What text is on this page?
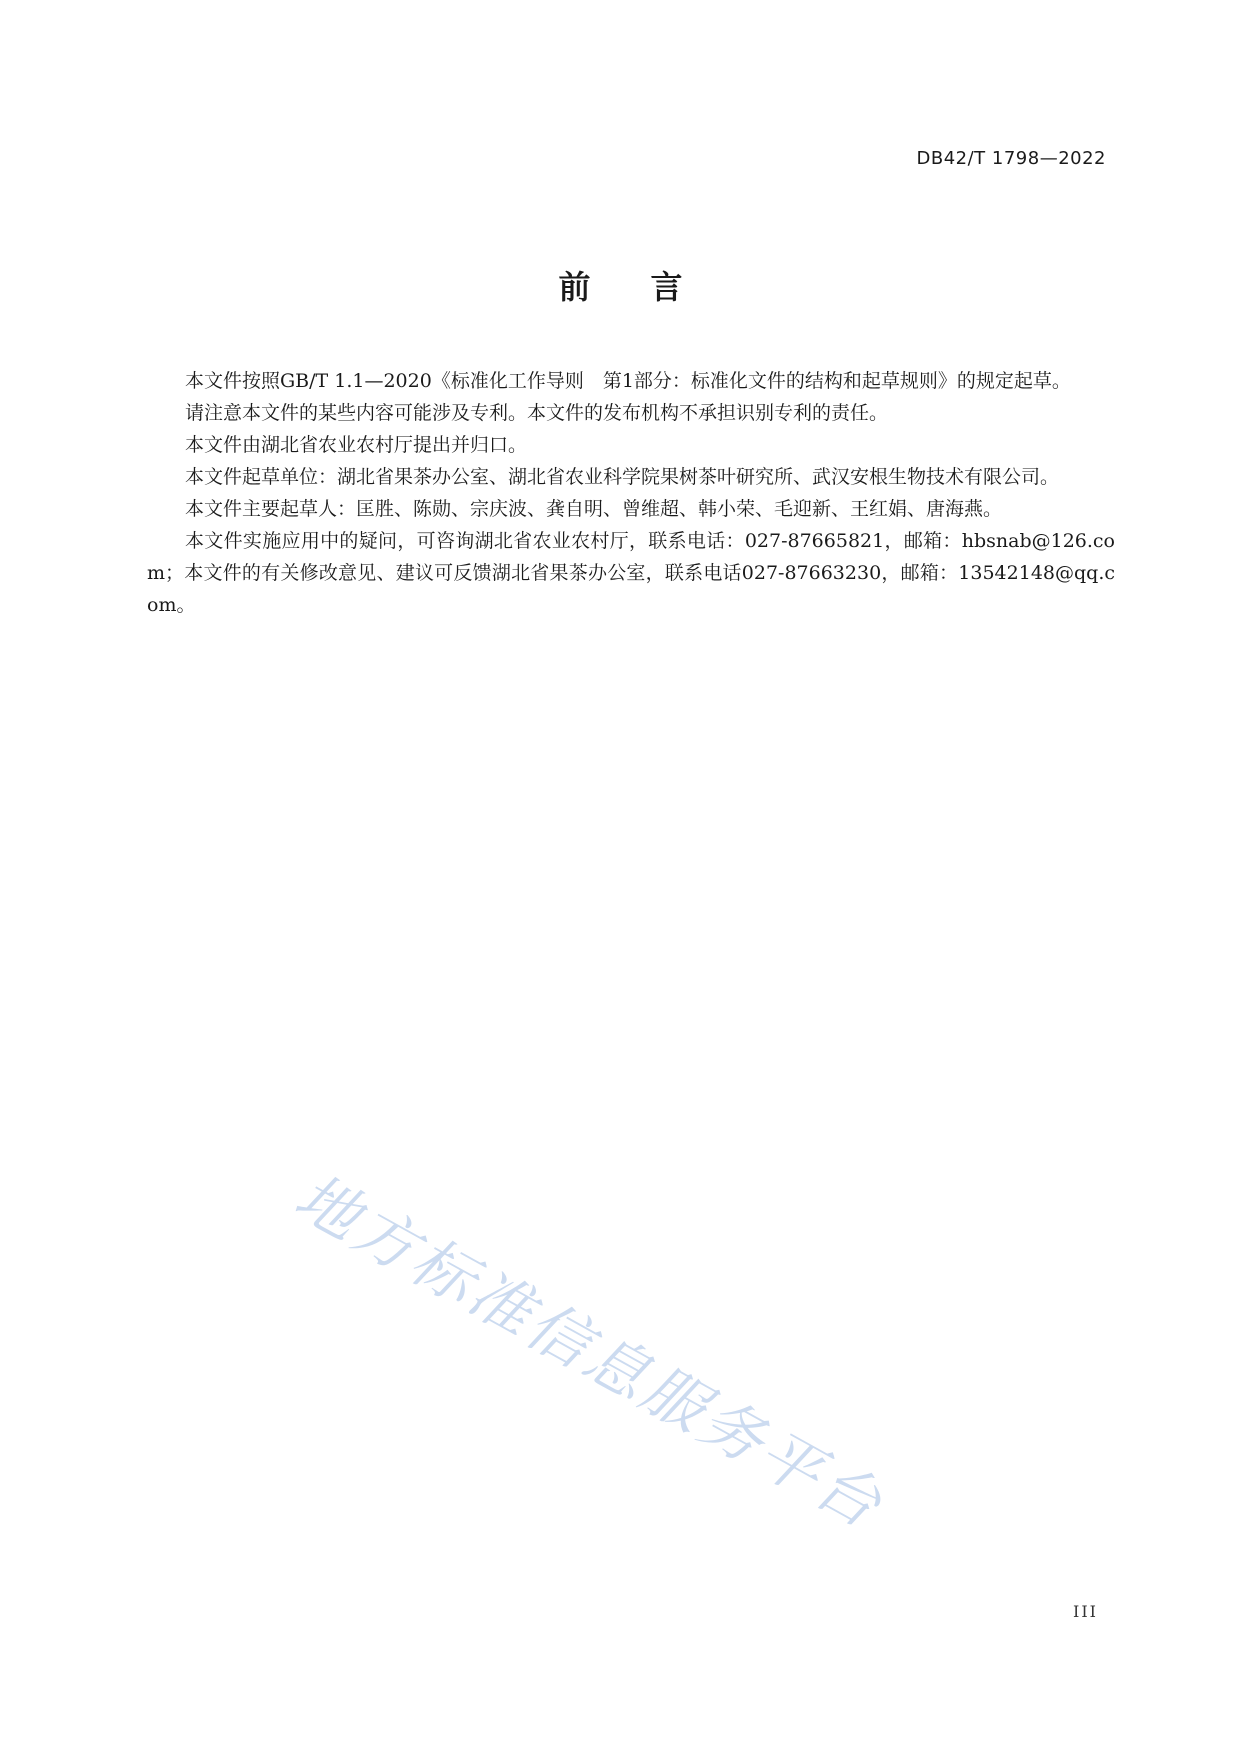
DB42/T 1798—2022
前言

本文件按照GB/T 1.1—2020《标准化工作导则　第1部分：标准化文件的结构和起草规则》的规定起草。

请注意本文件的某些内容可能涉及专利。本文件的发布机构不承担识别专利的责任。

本文件由湖北省农业农村厅提出并归口。

本文件起草单位：湖北省果茶办公室、湖北省农业科学院果树茶叶研究所、武汉安根生物技术有限公司。

本文件主要起草人：匡胜、陈勋、宗庆波、龚自明、曾维超、韩小荣、毛迎新、王红娟、唐海燕。

本文件实施应用中的疑问，可咨询湖北省农业农村厅，联系电话：027-87665821，邮箱：hbsnab@126.com；本文件的有关修改意见、建议可反馈湖北省果茶办公室，联系电话027-87663230，邮箱：13542148@qq.com。

地方标准信息服务平台
III
